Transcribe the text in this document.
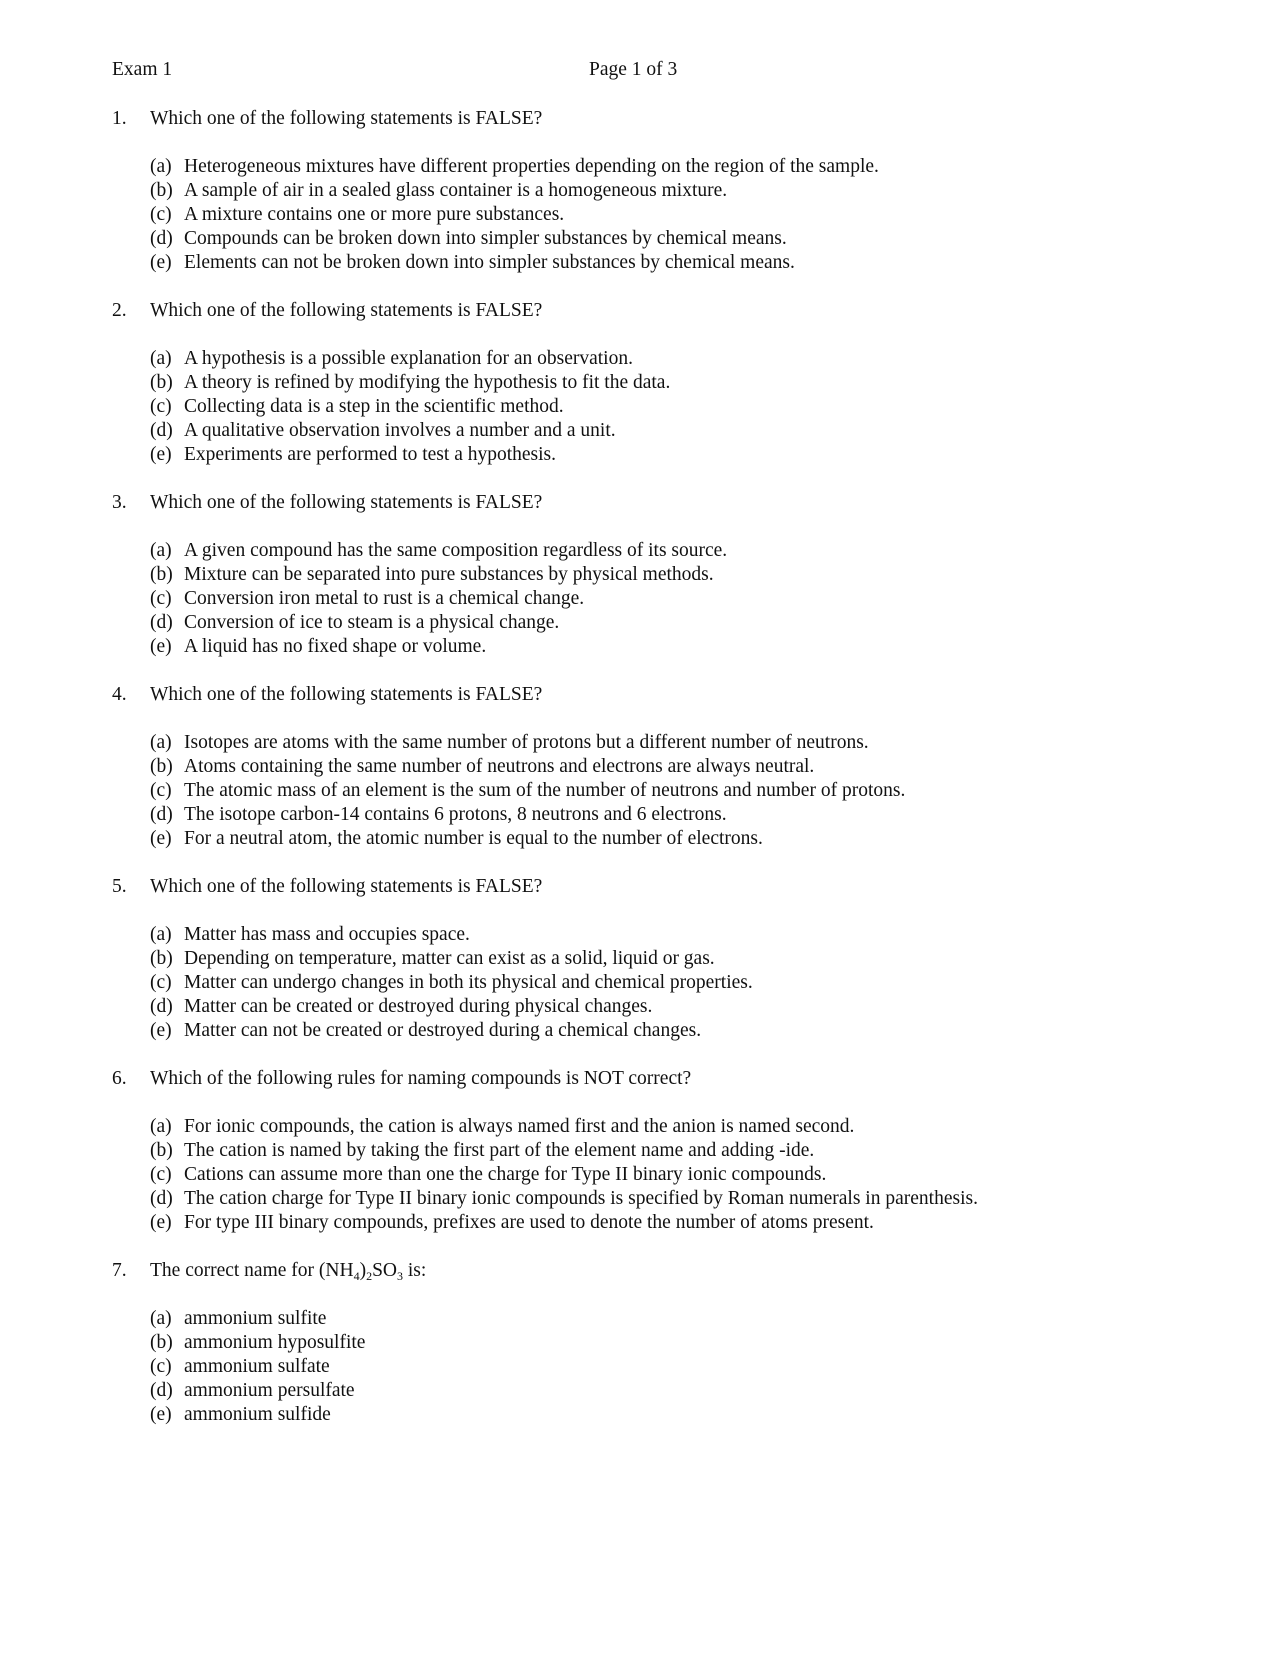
Exam 1	Page 1 of 3
1. Which one of the following statements is FALSE?
(a) Heterogeneous mixtures have different properties depending on the region of the sample.
(b) A sample of air in a sealed glass container is a homogeneous mixture.
(c) A mixture contains one or more pure substances.
(d) Compounds can be broken down into simpler substances by chemical means.
(e) Elements can not be broken down into simpler substances by chemical means.
2. Which one of the following statements is FALSE?
(a) A hypothesis is a possible explanation for an observation.
(b) A theory is refined by modifying the hypothesis to fit the data.
(c) Collecting data is a step in the scientific method.
(d) A qualitative observation involves a number and a unit.
(e) Experiments are performed to test a hypothesis.
3. Which one of the following statements is FALSE?
(a) A given compound has the same composition regardless of its source.
(b) Mixture can be separated into pure substances by physical methods.
(c) Conversion iron metal to rust is a chemical change.
(d) Conversion of ice to steam is a physical change.
(e) A liquid has no fixed shape or volume.
4. Which one of the following statements is FALSE?
(a) Isotopes are atoms with the same number of protons but a different number of neutrons.
(b) Atoms containing the same number of neutrons and electrons are always neutral.
(c) The atomic mass of an element is the sum of the number of neutrons and number of protons.
(d) The isotope carbon-14 contains 6 protons, 8 neutrons and 6 electrons.
(e) For a neutral atom, the atomic number is equal to the number of electrons.
5. Which one of the following statements is FALSE?
(a) Matter has mass and occupies space.
(b) Depending on temperature, matter can exist as a solid, liquid or gas.
(c) Matter can undergo changes in both its physical and chemical properties.
(d) Matter can be created or destroyed during physical changes.
(e) Matter can not be created or destroyed during a chemical changes.
6. Which of the following rules for naming compounds is NOT correct?
(a) For ionic compounds, the cation is always named first and the anion is named second.
(b) The cation is named by taking the first part of the element name and adding -ide.
(c) Cations can assume more than one the charge for Type II binary ionic compounds.
(d) The cation charge for Type II binary ionic compounds is specified by Roman numerals in parenthesis.
(e) For type III binary compounds, prefixes are used to denote the number of atoms present.
7. The correct name for $(NH_4)_2SO_3$ is:
(a) ammonium sulfite
(b) ammonium hyposulfite
(c) ammonium sulfate
(d) ammonium persulfate
(e) ammonium sulfide
